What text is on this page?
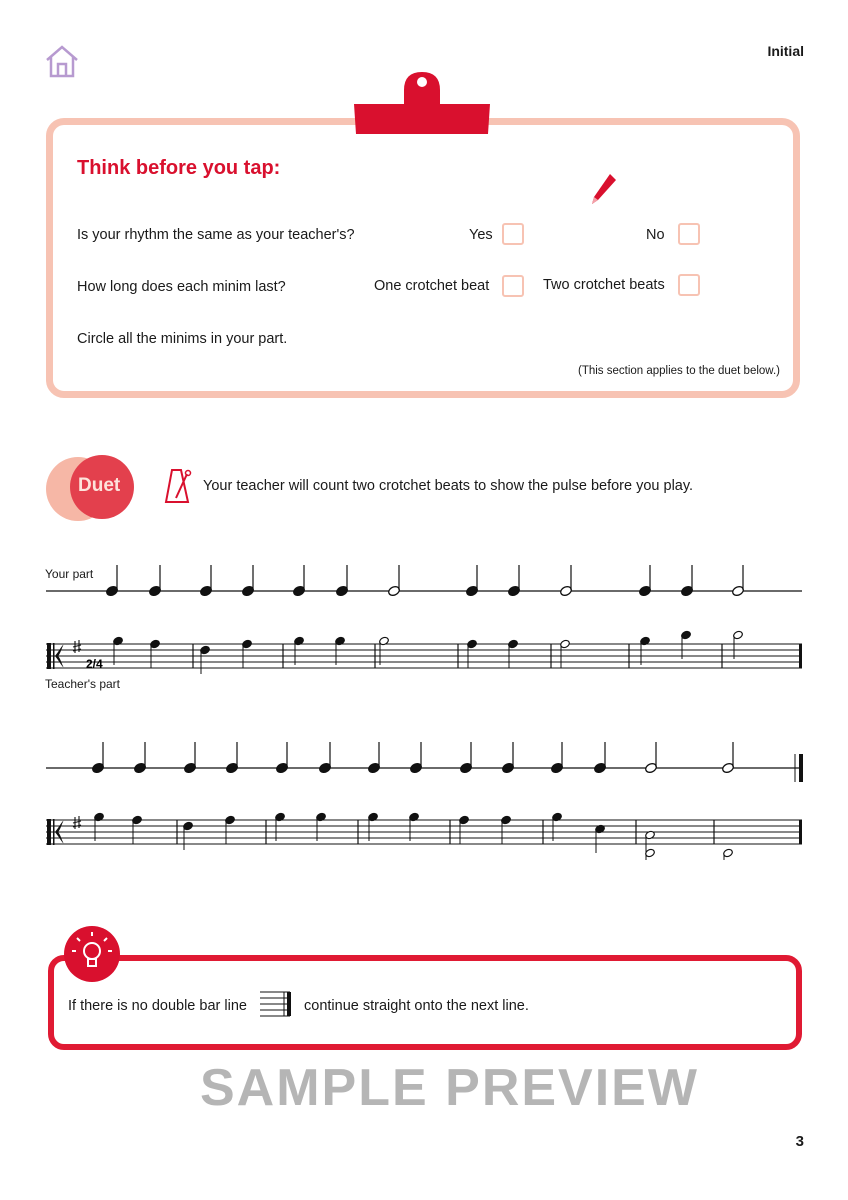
Initial
Think before you tap:
Is your rhythm the same as your teacher's?	Yes	No
How long does each minim last?	One crotchet beat	Two crotchet beats
Circle all the minims in your part.
(This section applies to the duet below.)
Duet	Your teacher will count two crotchet beats to show the pulse before you play.
Your part
Teacher's part
2/4
If there is no double bar line	continue straight onto the next line.
SAMPLE PREVIEW
3
